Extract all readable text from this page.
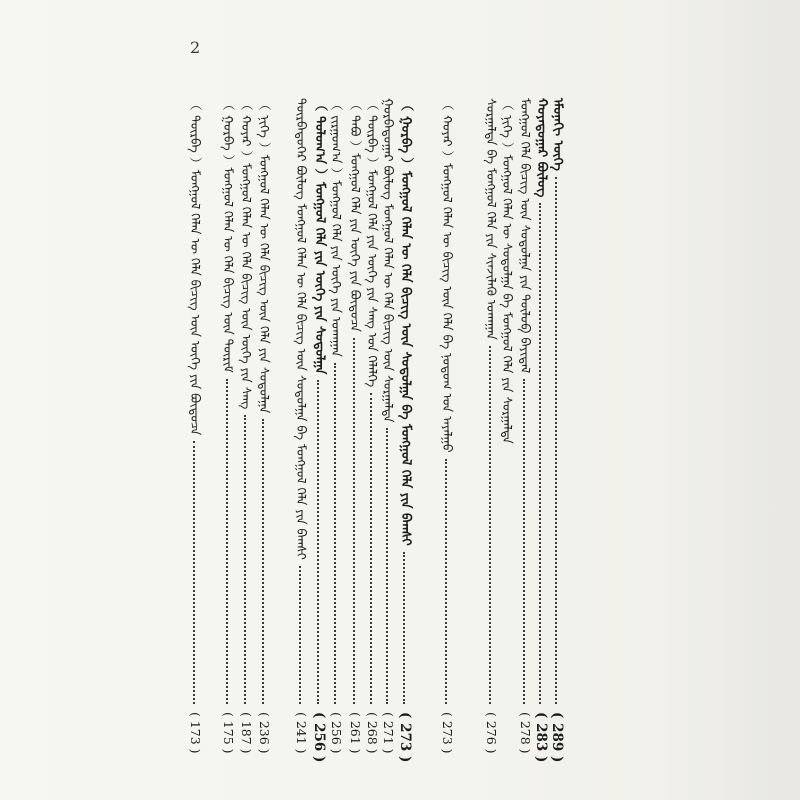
2
ᠡᠮᠦᠨᠡᠬᠢ ᠦᠭᠡ
( 289 )
ᠬᠣᠶᠠᠳᠤᠭᠠᠷ ᠪᠦᠯᠦᠭ
( 283 )
ᠮᠣᠩᠭᠣᠯ ᠬᠡᠯᠡ ᠪᠢᠴᠢᠭ ᠦᠨ ᠰᠤᠳᠤᠯᠭᠠ ᠶᠢᠨ ᠲᠦᠯᠦᠪ ᠪᠠᠶᠢᠳᠠᠯ
( 278 )
（ ᠨᠢᠭᠡ ）ᠮᠣᠩᠭᠣᠯ ᠬᠡᠯᠡᠨ ᠦ ᠰᠤᠳᠤᠯᠭᠠ ᠪᠠ ᠮᠣᠩᠭᠣᠯ ᠬᠡᠯᠡ ᠶᠢᠨ ᠰᠤᠷᠭᠠᠯᠲᠠ
ᠰᠤᠷᠭᠠᠯᠲᠠ ᠪᠠ ᠮᠣᠩᠭᠣᠯ ᠬᠡᠯᠡ ᠶᠢᠨ ᠰᠢᠨᠵᠢᠯᠡᠬᠦ ᠤᠬᠠᠭᠠᠨ
( 276 )
（ ᠬᠣᠶᠠᠷ ）ᠮᠣᠩᠭᠣᠯ ᠬᠡᠯᠡᠨ ᠦ ᠪᠢᠴᠢᠭ ᠦᠨ ᠬᠡᠯᠡ ᠪᠠ ᠨᠤᠲᠤᠭ ᠤᠨ ᠠᠶᠠᠯᠭᠤ
( 273 )
（ ᠭᠤᠷᠪᠠ ）ᠮᠣᠩᠭᠣᠯ ᠬᠡᠯᠡᠨ ᠦ ᠬᠡᠯᠡ ᠪᠢᠴᠢᠭ ᠦᠨ ᠰᠤᠳᠤᠯᠭᠠ ᠪᠠ ᠮᠣᠩᠭᠣᠯ ᠬᠡᠯᠡ ᠶᠢᠨ ᠪᠠᠭᠰᠢ
( 273 )
ᠭᠤᠷᠪᠠᠳᠤᠭᠠᠷ ᠪᠦᠯᠦᠭ ᠮᠣᠩᠭᠣᠯ ᠬᠡᠯᠡᠨ ᠦ ᠬᠡᠯᠡ ᠪᠢᠴᠢᠭ ᠦᠨ ᠰᠤᠷᠭᠠᠯᠲᠠ
( 271 )
（ ᠳᠥᠷᠪᠡ ）ᠮᠣᠩᠭᠣᠯ ᠬᠡᠯᠡ ᠶᠢᠨ ᠦᠭᠡ ᠶᠢᠨ ᠰᠠᠩ ᠤᠨ ᠬᠡᠯᠡᠯᠭᠡ
( 268 )
（ ᠲᠠᠪᠤ ）ᠮᠣᠩᠭᠣᠯ ᠬᠡᠯᠡ ᠶᠢᠨ ᠦᠭᠡ ᠶᠢᠨ ᠪᠦᠲᠦᠴᠡ
( 261 )
（ ᠵᠢᠷᠭᠤᠭ᠎ᠠ ）ᠮᠣᠩᠭᠣᠯ ᠬᠡᠯᠡ ᠶᠢᠨ ᠦᠭᠡ ᠶᠢᠨ ᠤᠬᠠᠭᠠᠨ
( 256 )
（ ᠳᠣᠯᠣᠭ᠎ᠠ ）ᠮᠣᠩᠭᠣᠯ ᠬᠡᠯᠡ ᠶᠢᠨ ᠦᠭᠡ ᠶᠢᠨ ᠰᠤᠳᠤᠯᠭᠠ
( 256 )
ᠳᠥᠷᠪᠡᠳᠦᠭᠡᠷ ᠪᠦᠯᠦᠭ ᠮᠣᠩᠭᠣᠯ ᠬᠡᠯᠡᠨ ᠦ ᠬᠡᠯᠡ ᠪᠢᠴᠢᠭ ᠦᠨ ᠰᠤᠳᠤᠯᠭᠠ ᠪᠠ ᠮᠣᠩᠭᠣᠯ ᠬᠡᠯᠡ ᠶᠢᠨ ᠪᠠᠭᠰᠢ
( 241 )
（ ᠨᠢᠭᠡ ）ᠮᠣᠩᠭᠣᠯ ᠬᠡᠯᠡᠨ ᠦ ᠬᠡᠯᠡ ᠪᠢᠴᠢᠭ ᠦᠨ ᠬᠡᠯᠡ ᠶᠢᠨ ᠰᠤᠳᠤᠯᠭᠠ
( 236 )
（ ᠬᠣᠶᠠᠷ ）ᠮᠣᠩᠭᠣᠯ ᠬᠡᠯᠡᠨ ᠦ ᠬᠡᠯᠡ ᠪᠢᠴᠢᠭ ᠦᠨ ᠦᠭᠡ ᠶᠢᠨ ᠰᠠᠩ
( 187 )
（ ᠭᠤᠷᠪᠠ ）ᠮᠣᠩᠭᠣᠯ ᠬᠡᠯᠡᠨ ᠦ ᠬᠡᠯᠡ ᠪᠢᠴᠢᠭ ᠦᠨ ᠳᠦᠷᠢᠮ
( 175 )
（ ᠳᠥᠷᠪᠡ ）ᠮᠣᠩᠭᠣᠯ ᠬᠡᠯᠡᠨ ᠦ ᠬᠡᠯᠡ ᠪᠢᠴᠢᠭ ᠦᠨ ᠦᠭᠡ ᠶᠢᠨ ᠪᠦᠲᠦᠴᠡ
( 173 )
